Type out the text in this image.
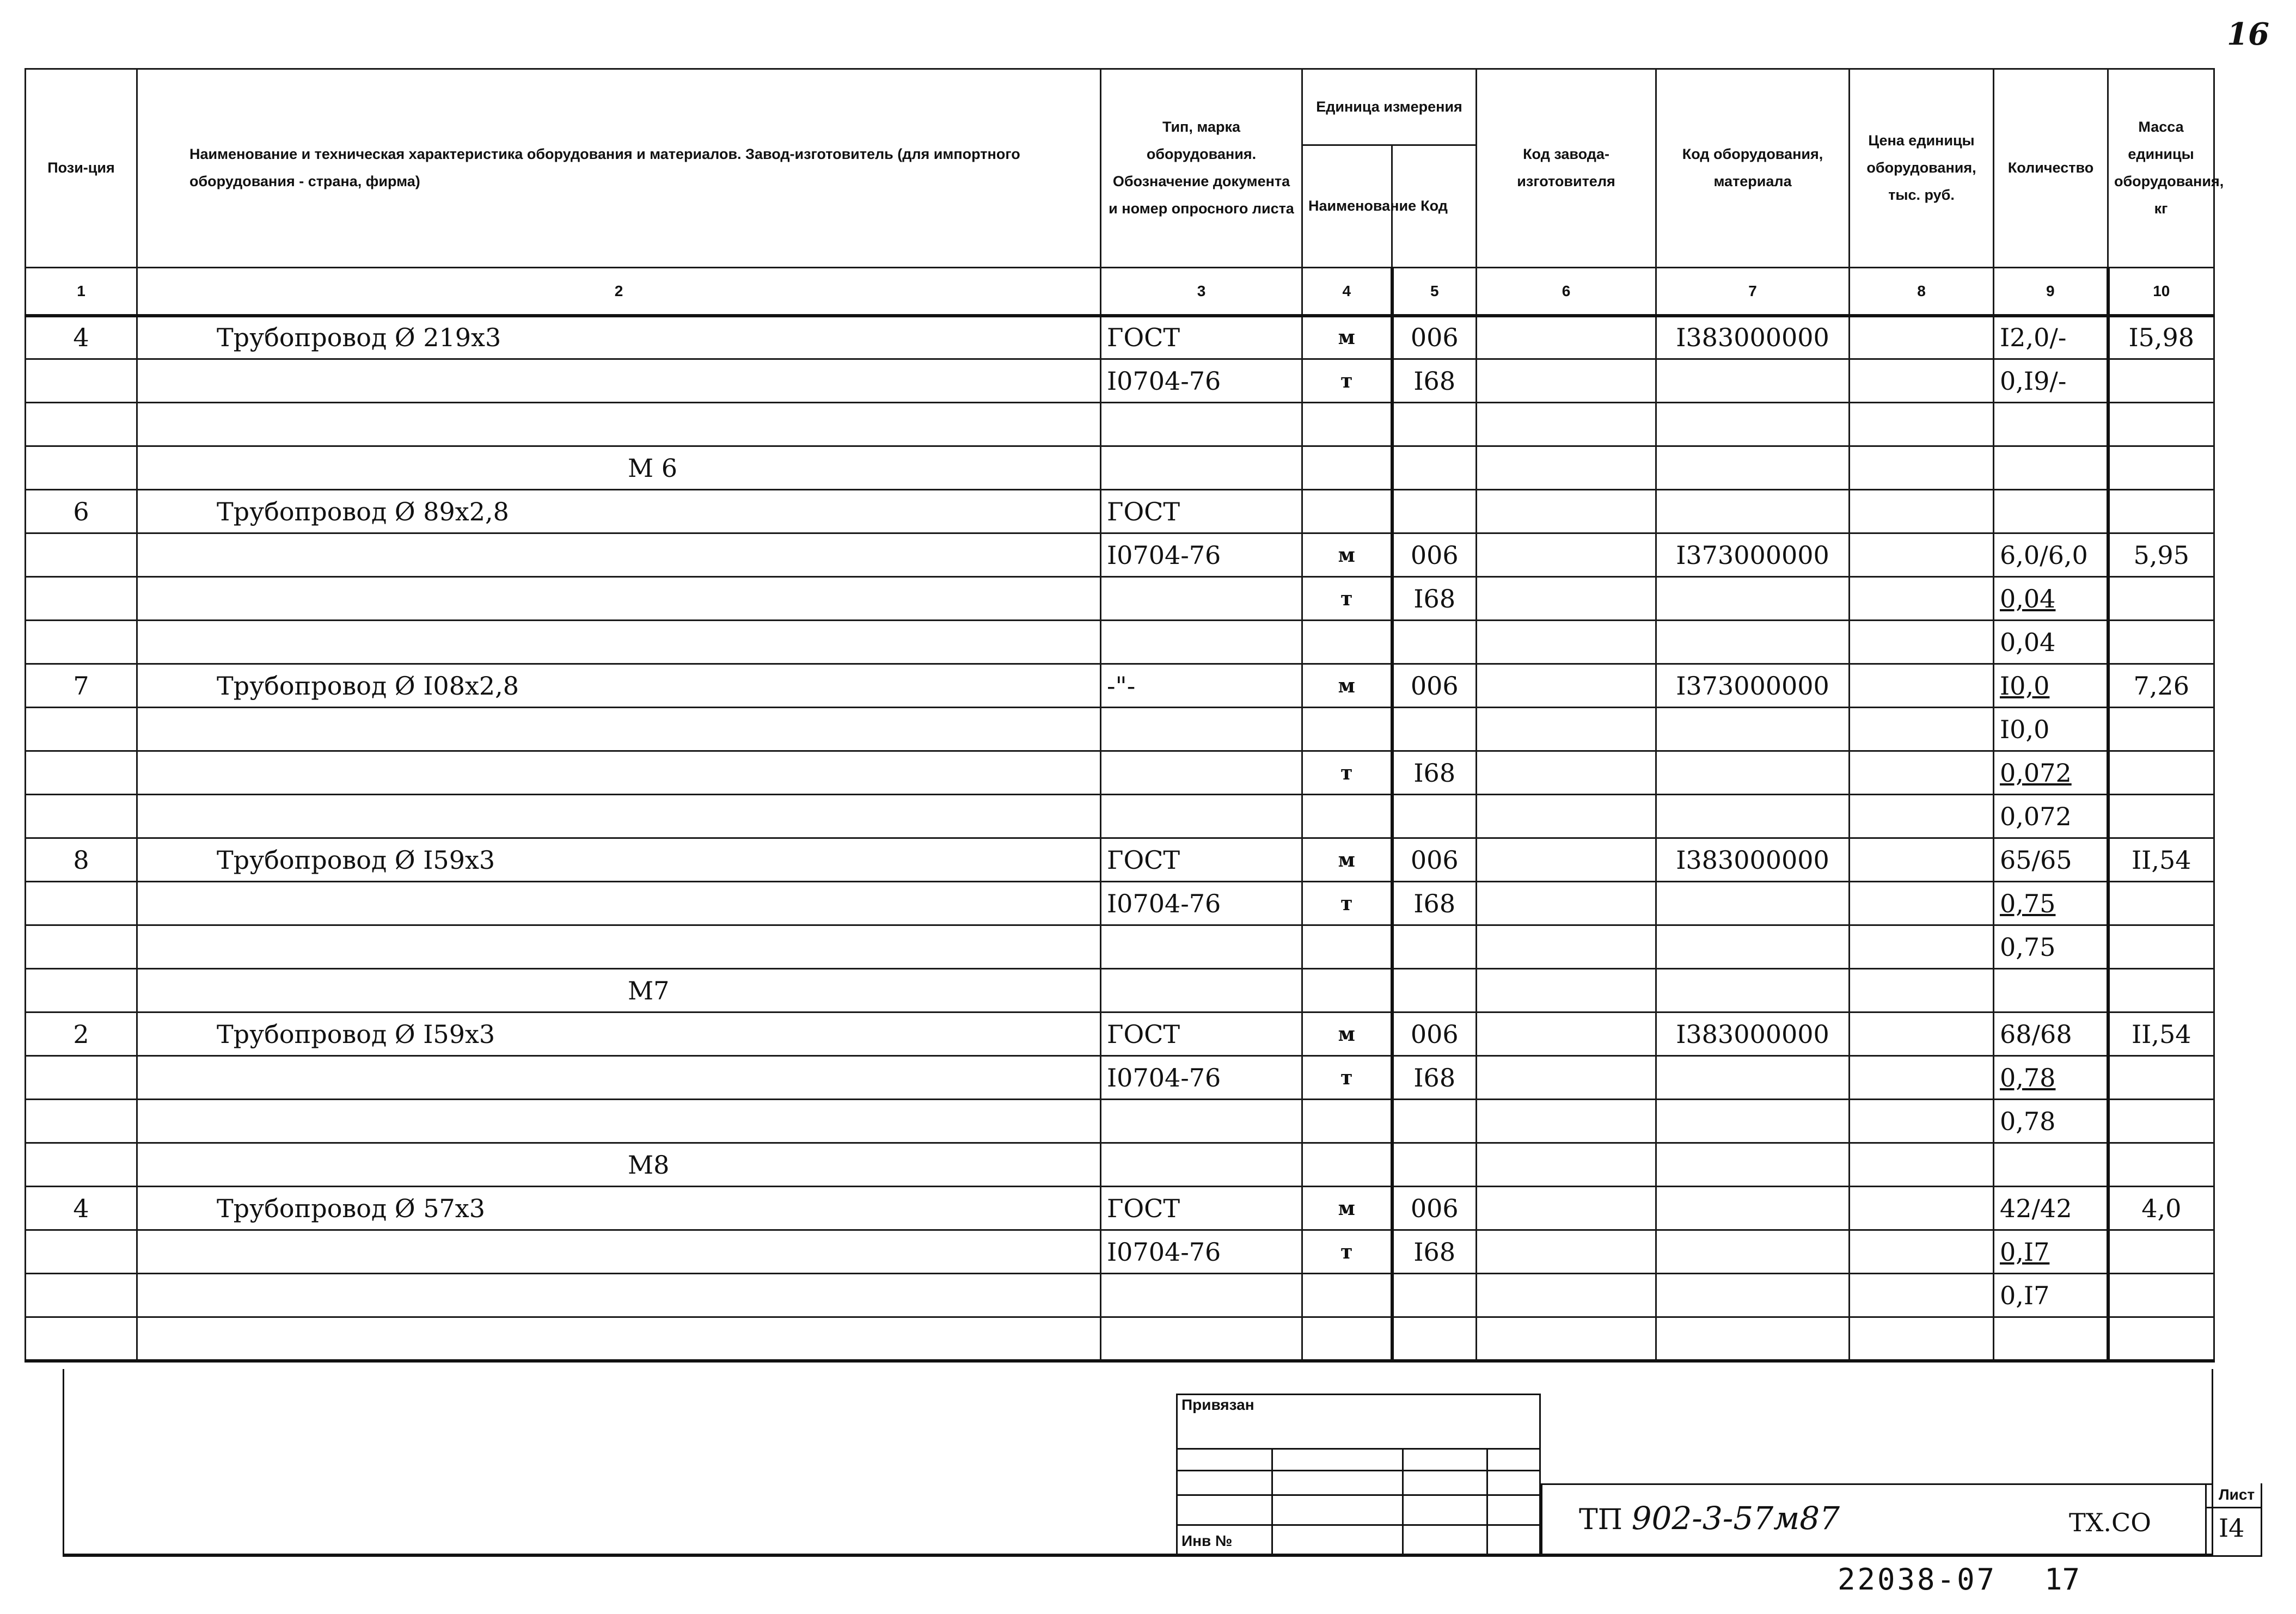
16
Пози-ция	Наименование и техническая характеристика оборудования и материалов. Завод-изготовитель (для импортного оборудования - страна, фирма)	Тип, марка оборудования. Обозначение документа и номер опросного листа	Единица измерения		Код завода-изготовителя	Код оборудования, материала	Цена единицы оборудования, тыс. руб.	Количество	Масса единицы оборудования, кг
			Наименование	Код					
1	2	3	4	5	6	7	8	9	10
4	Трубопровод Ø 219x3	ГОСТ	м	006		I383000000		I2,0/-	I5,98
		I0704-76	т	I68				0,I9/-	

	М 6								
6	Трубопровод Ø 89x2,8	ГОСТ							
		I0704-76	м	006		I373000000		6,0/6,0	5,95
			т	I68				0,04	
								0,04	
7	Трубопровод Ø I08x2,8	-"-	м	006		I373000000		I0,0	7,26
								I0,0	
			т	I68				0,072	
								0,072	
8	Трубопровод Ø I59x3	ГОСТ	м	006		I383000000		65/65	II,54
		I0704-76	т	I68				0,75	
								0,75	
	М7								
2	Трубопровод Ø I59x3	ГОСТ	м	006		I383000000		68/68	II,54
		I0704-76	т	I68				0,78	
								0,78	
	М8								
4	Трубопровод Ø 57x3	ГОСТ	м	006				42/42	4,0
		I0704-76	т	I68				0,I7	
								0,I7	

Привязан
Инв №
ТП 902-3-57м87	ТХ.СО
Лист
I4
22038-07 17
